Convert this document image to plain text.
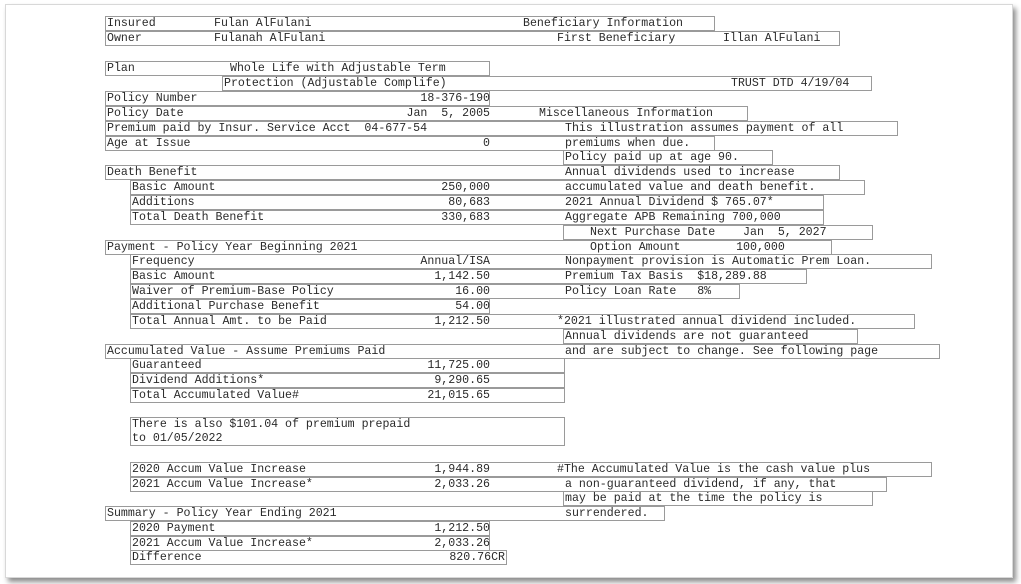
Insured	Fulan AlFulani
Owner	Fulanah AlFulani
Plan	Whole Life with Adjustable Term
Protection (Adjustable Complife)
Policy Number	18-376-190
Policy Date	Jan  5, 2005
Premium paid by Insur. Service Acct  04-677-54
Age at Issue	0
Death Benefit
Basic Amount	250,000
Additions	80,683
Total Death Benefit	330,683
Payment - Policy Year Beginning 2021
Frequency	Annual/ISA
Basic Amount	1,142.50
Waiver of Premium-Base Policy	16.00
Additional Purchase Benefit	54.00
Total Annual Amt. to be Paid	1,212.50
Accumulated Value - Assume Premiums Paid
Guaranteed	11,725.00
Dividend Additions*	9,290.65
Total Accumulated Value#	21,015.65
There is also $101.04 of premium prepaid
to 01/05/2022
2020 Accum Value Increase	1,944.89
2021 Accum Value Increase*	2,033.26
Summary - Policy Year Ending 2021
2020 Payment	1,212.50
2021 Accum Value Increase*	2,033.26
Difference	820.76CR
Beneficiary Information
First Beneficiary	Illan AlFulani
TRUST DTD 4/19/04
Miscellaneous Information
This illustration assumes payment of all
premiums when due.
Policy paid up at age 90.
Annual dividends used to increase
accumulated value and death benefit.
2021 Annual Dividend $ 765.07*
Aggregate APB Remaining 700,000
Next Purchase Date    Jan  5, 2027
Option Amount        100,000
Nonpayment provision is Automatic Prem Loan.
Premium Tax Basis  $18,289.88
Policy Loan Rate   8%
*2021 illustrated annual dividend included.
Annual dividends are not guaranteed
and are subject to change. See following page
#The Accumulated Value is the cash value plus
a non-guaranteed dividend, if any, that
may be paid at the time the policy is
surrendered.
